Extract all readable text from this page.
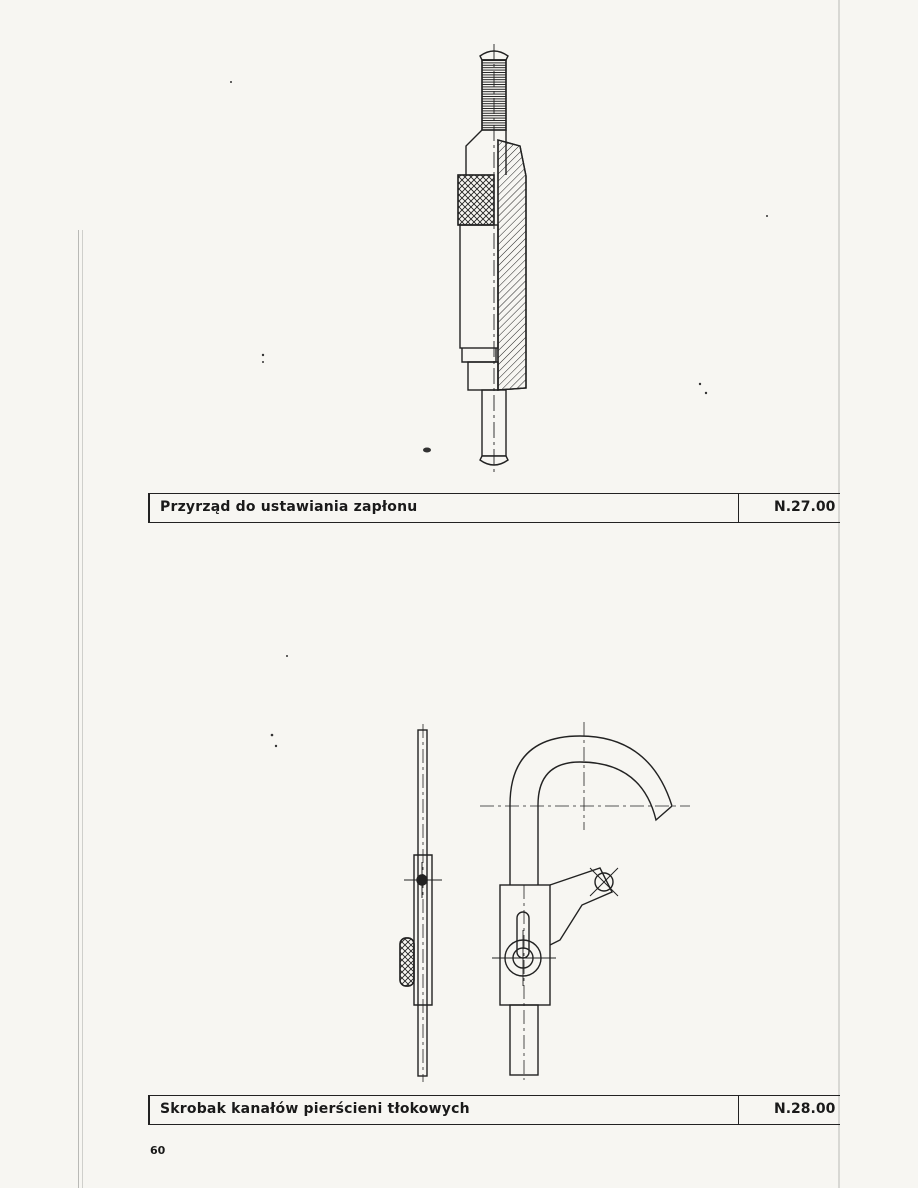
Przyrząd do ustawiania zapłonu	N.27.00
Skrobak kanałów pierścieni tłokowych	N.28.00
60
